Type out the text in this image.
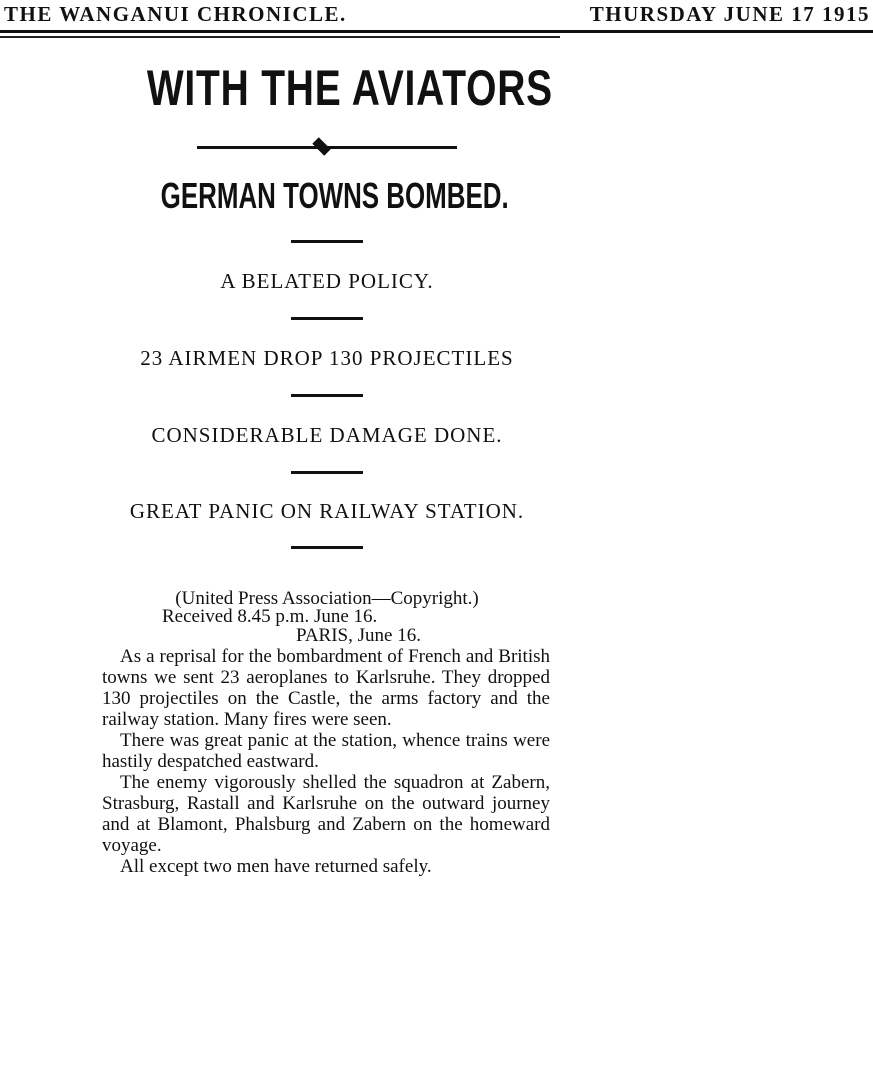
THE WANGANUI CHRONICLE.	THURSDAY JUNE 17 1915
WITH THE AVIATORS
GERMAN TOWNS BOMBED.
A BELATED POLICY.
23 AIRMEN DROP 130 PROJECTILES
CONSIDERABLE DAMAGE DONE.
GREAT PANIC ON RAILWAY STATION.
(United Press Association—Copyright.)
Received 8.45 p.m. June 16.
PARIS, June 16.

As a reprisal for the bombardment of French and British towns we sent 23 aeroplanes to Karlsruhe. They dropped 130 projectiles on the Castle, the arms factory and the railway station. Many fires were seen.

There was great panic at the station, whence trains were hastily despatched eastward.

The enemy vigorously shelled the squadron at Zabern, Strasburg, Rastall and Karlsruhe on the outward journey and at Blamont, Phalsburg and Zabern on the homeward voyage.

All except two men have returned safely.
